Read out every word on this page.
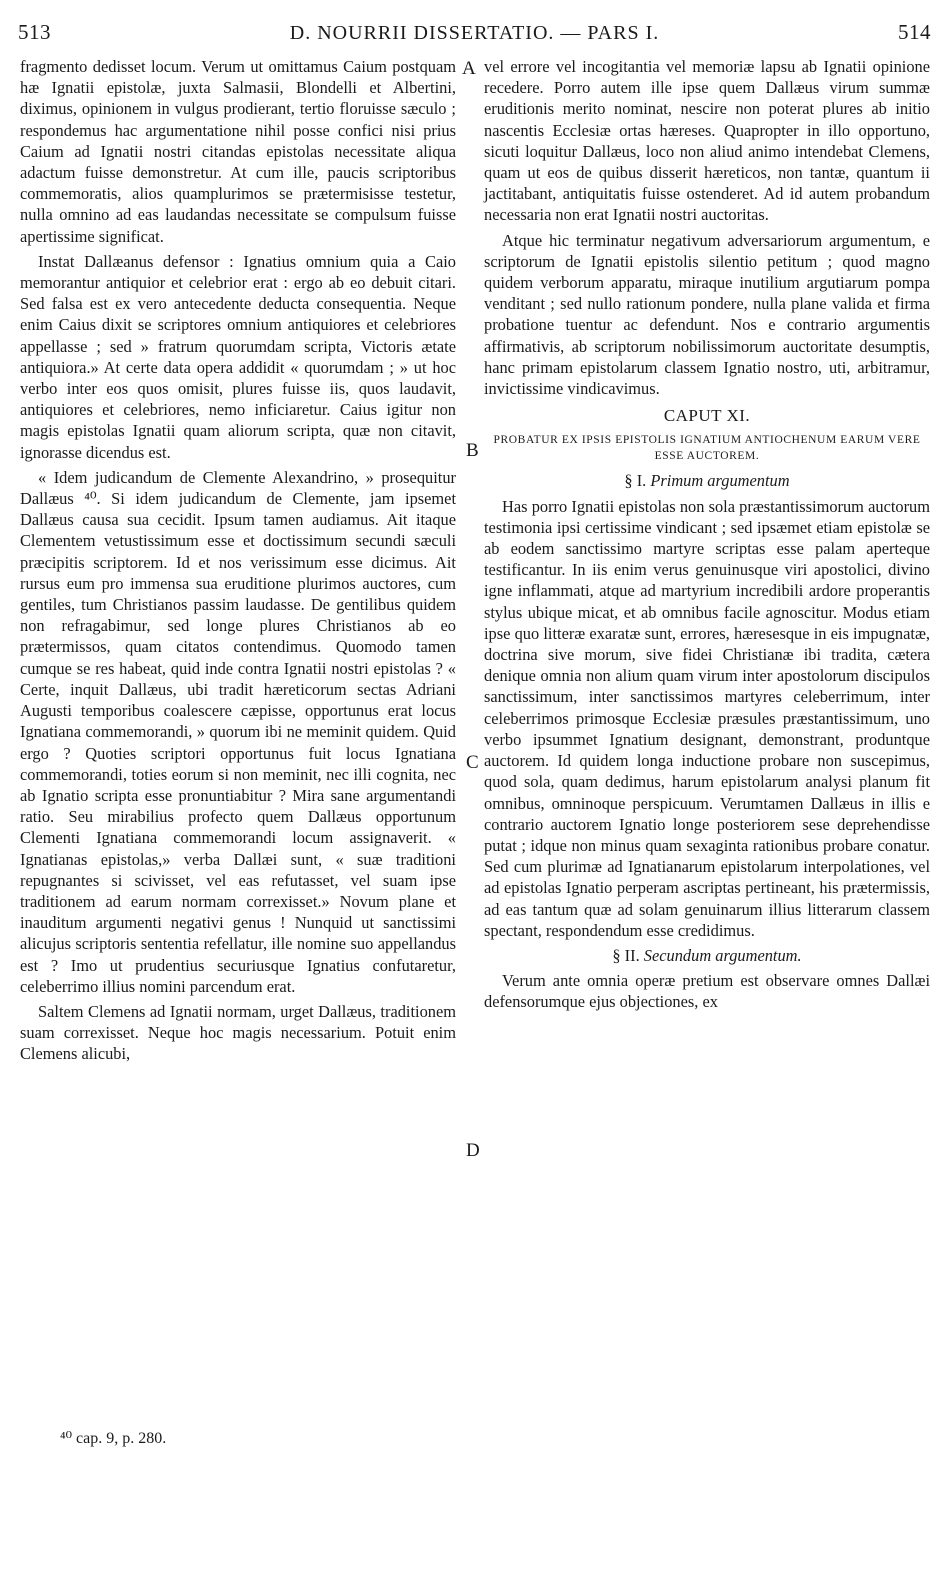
513	D. NOURRII DISSERTATIO. — PARS I.	514

fragmento dedisset locum. Verum ut omittamus Caium postquam hæ Ignatii epistolæ, juxta Salmasii, Blondelli et Albertini, diximus, opinionem in vulgus prodierant, tertio floruisse sæculo ; respondemus hac argumentatione nihil posse confici nisi prius Caium ad Ignatii nostri citandas epistolas necessitate aliqua adactum fuisse demonstretur. At cum ille, paucis scriptoribus commemoratis, alios quamplurimos se prætermisisse testetur, nulla omnino ad eas laudandas necessitate se compulsum fuisse apertissime significat.

Instat Dallæanus defensor : Ignatius omnium quia a Caio memorantur antiquior et celebrior erat : ergo ab eo debuit citari. Sed falsa est ex vero antecedente deducta consequentia. Neque enim Caius dixit se scriptores omnium antiquiores et celebriores appellasse ; sed » fratrum quorumdam scripta, Victoris ætate antiquiora.» At certe data opera addidit « quorumdam ; » ut hoc verbo inter eos quos omisit, plures fuisse iis, quos laudavit, antiquiores et celebriores, nemo inficiaretur. Caius igitur non magis epistolas Ignatii quam aliorum scripta, quæ non citavit, ignorasse dicendus est.

« Idem judicandum de Clemente Alexandrino, » prosequitur Dallæus ⁴⁰. Si idem judicandum de Clemente, jam ipsemet Dallæus causa sua cecidit. Ipsum tamen audiamus. Ait itaque Clementem vetustissimum esse et doctissimum secundi sæculi præcipitis scriptorem. Id et nos verissimum esse dicimus. Ait rursus eum pro immensa sua eruditione plurimos auctores, cum gentiles, tum Christianos passim laudasse. De gentilibus quidem non refragabimur, sed longe plures Christianos ab eo prætermissos, quam citatos contendimus. Quomodo tamen cumque se res habeat, quid inde contra Ignatii nostri epistolas ? « Certe, inquit Dallæus, ubi tradit hæreticorum sectas Adriani Augusti temporibus coalescere cæpisse, opportunus erat locus Ignatiana commemorandi, » quorum ibi ne meminit quidem. Quid ergo ? Quoties scriptori opportunus fuit locus Ignatiana commemorandi, toties eorum si non meminit, nec illi cognita, nec ab Ignatio scripta esse pronuntiabitur ? Mira sane argumentandi ratio. Seu mirabilius profecto quem Dallæus opportunum Clementi Ignatiana commemorandi locum assignaverit. « Ignatianas epistolas,» verba Dallæi sunt, « suæ traditioni repugnantes si scivisset, vel eas refutasset, vel suam ipse traditionem ad earum normam correxisset.» Novum plane et inauditum argumenti negativi genus ! Nunquid ut sanctissimi alicujus scriptoris sententia refellatur, ille nomine suo appellandus est ? Imo ut prudentius securiusque Ignatius confutaretur, celeberrimo illius nomini parcendum erat.

Saltem Clemens ad Ignatii normam, urget Dallæus, traditionem suam correxisset. Neque hoc magis necessarium. Potuit enim Clemens alicubi,

A
B
C
D

vel errore vel incogitantia vel memoriæ lapsu ab Ignatii opinione recedere. Porro autem ille ipse quem Dallæus virum summæ eruditionis merito nominat, nescire non poterat plures ab initio nascentis Ecclesiæ ortas hæreses. Quapropter in illo opportuno, sicuti loquitur Dallæus, loco non aliud animo intendebat Clemens, quam ut eos de quibus disserit hæreticos, non tantæ, quantum ii jactitabant, antiquitatis fuisse ostenderet. Ad id autem probandum necessaria non erat Ignatii nostri auctoritas.

Atque hic terminatur negativum adversariorum argumentum, e scriptorum de Ignatii epistolis silentio petitum ; quod magno quidem verborum apparatu, miraque inutilium argutiarum pompa venditant ; sed nullo rationum pondere, nulla plane valida et firma probatione tuentur ac defendunt. Nos e contrario argumentis affirmativis, ab scriptorum nobilissimorum auctoritate desumptis, hanc primam epistolarum classem Ignatio nostro, uti, arbitramur, invictissime vindicavimus.

CAPUT XI.
PROBATUR EX IPSIS EPISTOLIS IGNATIUM ANTIOCHENUM EARUM VERE ESSE AUCTOREM.
§ I. Primum argumentum

Has porro Ignatii epistolas non sola præstantissimorum auctorum testimonia ipsi certissime vindicant ; sed ipsæmet etiam epistolæ se ab eodem sanctissimo martyre scriptas esse palam aperteque testificantur. In iis enim verus genuinusque viri apostolici, divino igne inflammati, atque ad martyrium incredibili ardore properantis stylus ubique micat, et ab omnibus facile agnoscitur. Modus etiam ipse quo litteræ exaratæ sunt, errores, hæresesque in eis impugnatæ, doctrina sive morum, sive fidei Christianæ ibi tradita, cætera denique omnia non alium quam virum inter apostolorum discipulos sanctissimum, inter sanctissimos martyres celeberrimum, inter celeberrimos primosque Ecclesiæ præsules præstantissimum, uno verbo ipsummet Ignatium designant, demonstrant, produntque auctorem. Id quidem longa inductione probare non suscepimus, quod sola, quam dedimus, harum epistolarum analysi planum fit omnibus, omninoque perspicuum. Verumtamen Dallæus in illis e contrario auctorem Ignatio longe posteriorem sese deprehendisse putat ; idque non minus quam sexaginta rationibus probare conatur. Sed cum plurimæ ad Ignatianarum epistolarum interpolationes, vel ad epistolas Ignatio perperam ascriptas pertineant, his prætermissis, ad eas tantum quæ ad solam genuinarum illius litterarum classem spectant, respondendum esse credidimus.

§ II. Secundum argumentum.

Verum ante omnia operæ pretium est observare omnes Dallæi defensorumque ejus objectiones, ex

⁴⁰ cap. 9, p. 280.
